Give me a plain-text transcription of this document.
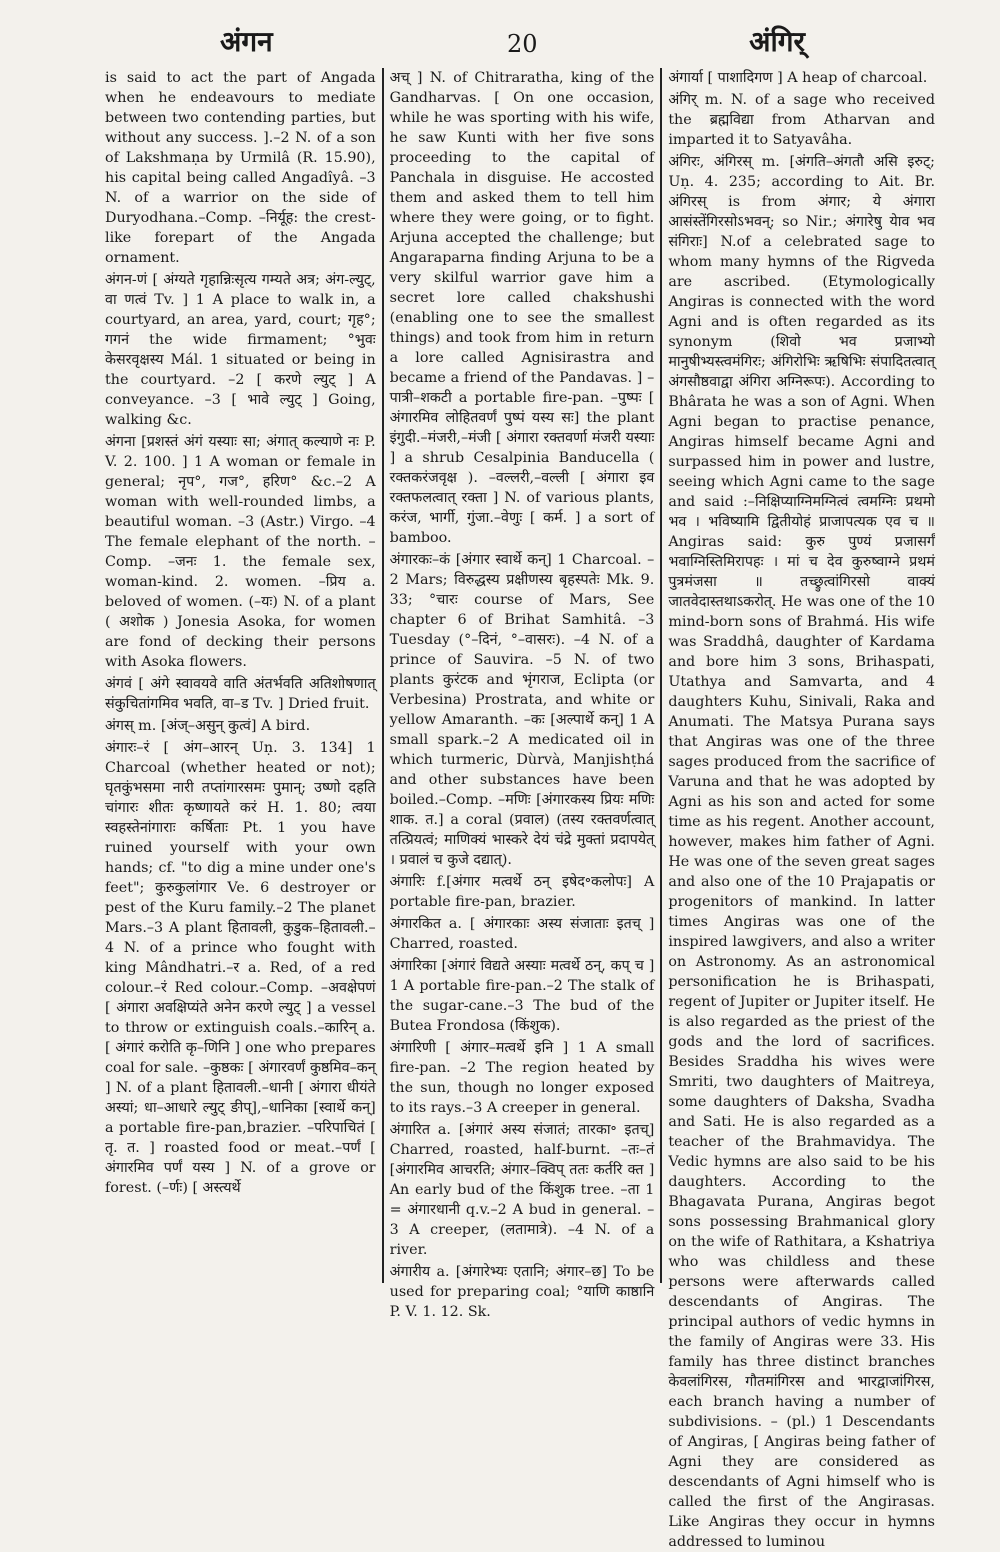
अंगन	20	अंगिर्

is said to act the part of Angada when he endeavours to mediate between two contending parties, but without any success. ].–2 N. of a son of Lakshmaṇa by Urmilâ (R. 15.90), his capital being called Angadîyâ. –3 N. of a warrior on the side of Duryodhana.–Comp. –निर्यूह: the crest-like forepart of the Angada ornament.

अंगन-णं [ अंग्यते गृहान्निःसृत्य गम्यते अत्र; अंग-ल्युट्, वा णत्वं Tv. ] 1 A place to walk in, a courtyard, an area, yard, court; गृह°; गगनं the wide firmament; °भुवः केसरवृक्षस्य Mál. 1 situated or being in the courtyard. –2 [ करणे ल्युट् ] A conveyance. –3 [ भावे ल्युट् ] Going, walking &c.

अंगना [प्रशस्तं अंगं यस्याः सा; अंगात् कल्याणे नः P. V. 2. 100. ] 1 A woman or female in general; नृप°, गज°, हरिण° &c.–2 A woman with well-rounded limbs, a beautiful woman. –3 (Astr.) Virgo. –4 The female elephant of the north. –Comp. –जनः 1. the female sex, woman-kind. 2. women. –प्रिय a. beloved of women. (–यः) N. of a plant ( अशोक ) Jonesia Asoka, for women are fond of decking their persons with Asoka flowers.

अंगवं [ अंगे स्वावयवे वाति अंतर्भवति अतिशोषणात् संकुचितांगमिव भवति, वा–ड Tv. ] Dried fruit.

अंगस् m. [अंज्–असुन् कुत्वं] A bird.

अंगारः–रं [ अंग–आरन् Uṇ. 3. 134] 1 Charcoal (whether heated or not); घृतकुंभसमा नारी तप्तांगारसमः पुमान्; उष्णो दहति चांगारः शीतः कृष्णायते करं H. 1. 80; त्वया स्वहस्तेनांगाराः कर्षिताः Pt. 1 you have ruined yourself with your own hands; cf. "to dig a mine under one's feet"; कुरुकुलांगार Ve. 6 destroyer or pest of the Kuru family.–2 The planet Mars.–3 A plant हितावली, कुडुक–हितावली.–4 N. of a prince who fought with king Mândhatri.–र a. Red, of a red colour.–रं Red colour.–Comp. –अवक्षेपणं [ अंगारा अवक्षिप्यंते अनेन करणे ल्युट् ] a vessel to throw or extinguish coals.–कारिन् a. [ अंगारं करोति कृ–णिनि ] one who prepares coal for sale. –कुष्ठकः [ अंगारवर्णं कुष्ठमिव–कन् ] N. of a plant हितावली.–धानी [ अंगारा धीयंते अस्यां; धा–आधारे ल्युट् ङीप्],–धानिका [स्वार्थे कन्] a portable fire-pan,brazier. –परिपाचितं [ तृ. त. ] roasted food or meat.–पर्णं [ अंगारमिव पर्णं यस्य ] N. of a grove or forest. (–र्णः) [ अस्त्यर्थे

अच् ] N. of Chitraratha, king of the Gandharvas. [ On one occasion, while he was sporting with his wife, he saw Kunti with her five sons proceeding to the capital of Panchala in disguise. He accosted them and asked them to tell him where they were going, or to fight. Arjuna accepted the challenge; but Angaraparna finding Arjuna to be a very skilful warrior gave him a secret lore called chakshushi (enabling one to see the smallest things) and took from him in return a lore called Agnisirastra and became a friend of the Pandavas. ] –पात्री–शकटी a portable fire-pan. –पुष्पः [ अंगारमिव लोहितवर्णं पुष्पं यस्य सः] the plant इंगुदी.–मंजरी,–मंजी [ अंगारा रक्तवर्णा मंजरी यस्याः ] a shrub Cesalpinia Banducella ( रक्तकरंजवृक्ष ). –वल्लरी,–वल्ली [ अंगारा इव रक्तफलत्वात् रक्ता ] N. of various plants, करंज, भार्गी, गुंजा.–वेणुः [ कर्म. ] a sort of bamboo.

अंगारकः–कं [अंगार स्वार्थे कन्] 1 Charcoal. –2 Mars; विरुद्धस्य प्रक्षीणस्य बृहस्पतेः Mk. 9. 33; °चारः course of Mars, See chapter 6 of Brihat Samhitâ. –3 Tuesday (°–दिनं, °–वासरः). –4 N. of a prince of Sauvira. –5 N. of two plants कुरंटक and भृंगराज, Eclipta (or Verbesina) Prostrata, and white or yellow Amaranth. –कः [अल्पार्थे कन्] 1 A small spark.–2 A medicated oil in which turmeric, Dùrvà, Manjishṭhá and other substances have been boiled.–Comp. –मणिः [अंगारकस्य प्रियः मणिः शाक. त.] a coral (प्रवाल) (तस्य रक्तवर्णत्वात् तत्प्रियत्वं; माणिक्यं भास्करे देयं चंद्रे मुक्तां प्रदापयेत् । प्रवालं च कुजे दद्यात्).

अंगारिः f.[अंगार मत्वर्थे ठन् इषेद॰कलोपः] A portable fire-pan, brazier.

अंगारकित a. [ अंगारकाः अस्य संजाताः इतच् ] Charred, roasted.

अंगारिका [अंगारं विद्यते अस्याः मत्वर्थे ठन्, कप् च ] 1 A portable fire-pan.–2 The stalk of the sugar-cane.–3 The bud of the Butea Frondosa (किंशुक).

अंगारिणी [ अंगार–मत्वर्थे इनि ] 1 A small fire-pan. –2 The region heated by the sun, though no longer exposed to its rays.–3 A creeper in general.

अंगारित a. [अंगारं अस्य संजातं; तारका॰ इतच्] Charred, roasted, half-burnt. –तः–तं [अंगारमिव आचरति; अंगार–क्विप् ततः कर्तरि क्त ] An early bud of the किंशुक tree. –ता 1 = अंगारधानी q.v.–2 A bud in general. –3 A creeper, (लतामात्रे). –4 N. of a river.

अंगारीय a. [अंगारेभ्यः एतानि; अंगार–छ] To be used for preparing coal; °याणि काष्ठानि P. V. 1. 12. Sk.

अंगार्या [ पाशादिगण ] A heap of charcoal.

अंगिर् m. N. of a sage who received the ब्रह्मविद्या from Atharvan and imparted it to Satyavâha.

अंगिरः, अंगिरस् m. [अंगति–अंगतौ असि इरुट्; Uṇ. 4. 235; according to Ait. Br. अंगिरस् is from अंगार; ये अंगारा आसंस्तेंगिरसोऽभवन्; so Nir.; अंगारेषु येाव भव संगिराः] N.of a celebrated sage to whom many hymns of the Rigveda are ascribed. (Etymologically Angiras is connected with the word Agni and is often regarded as its synonym (शिवो भव प्रजाभ्यो मानुषीभ्यस्त्वमंगिरः; अंगिरोभिः ऋषिभिः संपादितत्वात् अंगसौष्ठवाद्वा अंगिरा अग्निरूपः). According to Bhârata he was a son of Agni. When Agni began to practise penance, Angiras himself became Agni and surpassed him in power and lustre, seeing which Agni came to the sage and said :–निक्षिप्याग्निमग्नित्वं त्वमग्निः प्रथमो भव । भविष्यामि द्वितीयोहं प्राजापत्यक एव च ॥ Angiras said: कुरु पुण्यं प्रजासर्गं भवाग्निस्तिमिरापहः । मां च देव कुरुष्वाग्ने प्रथमं पुत्रमंजसा ॥ तच्छ्रुत्वांगिरसो वाक्यं जातवेदास्तथाऽकरोत्. He was one of the 10 mind-born sons of Brahmá. His wife was Sraddhâ, daughter of Kardama and bore him 3 sons, Brihaspati, Utathya and Samvarta, and 4 daughters Kuhu, Sinivali, Raka and Anumati. The Matsya Purana says that Angiras was one of the three sages produced from the sacrifice of Varuna and that he was adopted by Agni as his son and acted for some time as his regent. Another account, however, makes him father of Agni. He was one of the seven great sages and also one of the 10 Prajapatis or progenitors of mankind. In latter times Angiras was one of the inspired lawgivers, and also a writer on Astronomy. As an astronomical personification he is Brihaspati, regent of Jupiter or Jupiter itself. He is also regarded as the priest of the gods and the lord of sacrifices. Besides Sraddha his wives were Smriti, two daughters of Maitreya, some daughters of Daksha, Svadha and Sati. He is also regarded as a teacher of the Brahmavidya. The Vedic hymns are also said to be his daughters. According to the Bhagavata Purana, Angiras begot sons possessing Brahmanical glory on the wife of Rathitara, a Kshatriya who was childless and these persons were afterwards called descendants of Angiras. The principal authors of vedic hymns in the family of Angiras were 33. His family has three distinct branches केवलांगिरस, गौतमांगिरस and भारद्वाजांगिरस, each branch having a number of subdivisions. – (pl.) 1 Descendants of Angiras, [ Angiras being father of Agni they are considered as descendants of Agni himself who is called the first of the Angirasas. Like Angiras they occur in hymns addressed to luminou
